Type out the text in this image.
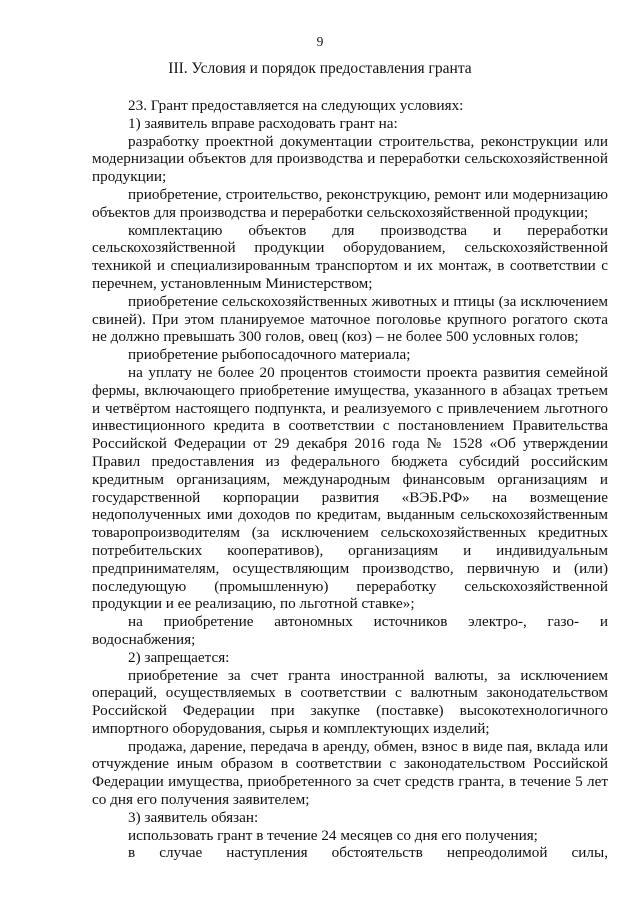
9
III. Условия и порядок предоставления гранта

23. Грант предоставляется на следующих условиях:

1) заявитель вправе расходовать грант на:

разработку проектной документации строительства, реконструкции или модернизации объектов для производства и переработки сельскохозяйственной продукции;

приобретение, строительство, реконструкцию, ремонт или модернизацию объектов для производства и переработки сельскохозяйственной продукции;

комплектацию объектов для производства и переработки сельскохозяйственной продукции оборудованием, сельскохозяйственной техникой и специализированным транспортом и их монтаж, в соответствии с перечнем, установленным Министерством;

приобретение сельскохозяйственных животных и птицы (за исключением свиней). При этом планируемое маточное поголовье крупного рогатого скота не должно превышать 300 голов, овец (коз) – не более 500 условных голов;

приобретение рыбопосадочного материала;

на уплату не более 20 процентов стоимости проекта развития семейной фермы, включающего приобретение имущества, указанного в абзацах третьем и четвёртом настоящего подпункта, и реализуемого с привлечением льготного инвестиционного кредита в соответствии с постановлением Правительства Российской Федерации от 29 декабря 2016 года № 1528 «Об утверждении Правил предоставления из федерального бюджета субсидий российским кредитным организациям, международным финансовым организациям и государственной корпорации развития «ВЭБ.РФ» на возмещение недополученных ими доходов по кредитам, выданным сельскохозяйственным товаропроизводителям (за исключением сельскохозяйственных кредитных потребительских кооперативов), организациям и индивидуальным предпринимателям, осуществляющим производство, первичную и (или) последующую (промышленную) переработку сельскохозяйственной продукции и ее реализацию, по льготной ставке»;

на приобретение автономных источников электро-, газо- и водоснабжения;

2) запрещается:

приобретение за счет гранта иностранной валюты, за исключением операций, осуществляемых в соответствии с валютным законодательством Российской Федерации при закупке (поставке) высокотехнологичного импортного оборудования, сырья и комплектующих изделий;

продажа, дарение, передача в аренду, обмен, взнос в виде пая, вклада или отчуждение иным образом в соответствии с законодательством Российской Федерации имущества, приобретенного за счет средств гранта, в течение 5 лет со дня его получения заявителем;

3) заявитель обязан:

использовать грант в течение 24 месяцев со дня его получения;

в случае наступления обстоятельств непреодолимой силы,
